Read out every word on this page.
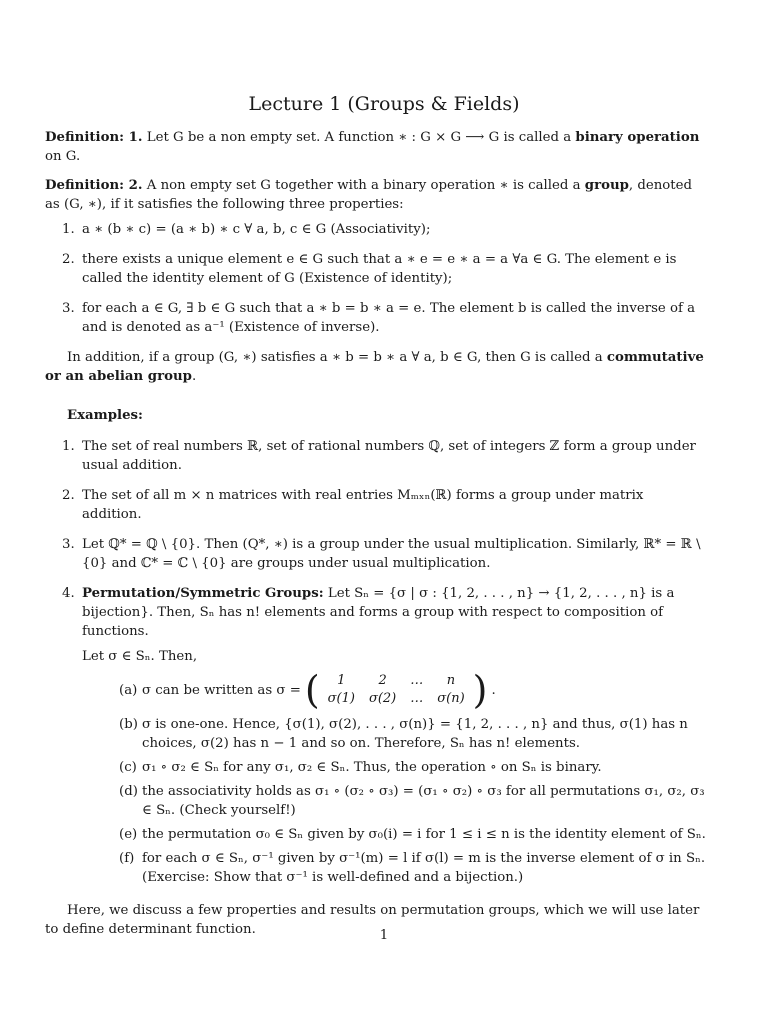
Lecture 1 (Groups & Fields)

Definition: 1. Let G be a non empty set. A function ∗ : G × G ⟶ G is called a binary operation on G.

Definition: 2. A non empty set G together with a binary operation ∗ is called a group, denoted as (G, ∗), if it satisfies the following three properties:

1. a ∗ (b ∗ c) = (a ∗ b) ∗ c ∀ a, b, c ∈ G (Associativity);
2. there exists a unique element e ∈ G such that a ∗ e = e ∗ a = a ∀a ∈ G. The element e is called the identity element of G (Existence of identity);
3. for each a ∈ G, ∃ b ∈ G such that a ∗ b = b ∗ a = e. The element b is called the inverse of a and is denoted as a⁻¹ (Existence of inverse).

In addition, if a group (G, ∗) satisfies a ∗ b = b ∗ a ∀ a, b ∈ G, then G is called a commutative or an abelian group.

Examples:

1. The set of real numbers ℝ, set of rational numbers ℚ, set of integers ℤ form a group under usual addition.
2. The set of all m × n matrices with real entries Mₘₓₙ(ℝ) forms a group under matrix addition.
3. Let ℚ* = ℚ \ {0}. Then (Q*, ∗) is a group under the usual multiplication. Similarly, ℝ* = ℝ \ {0} and ℂ* = ℂ \ {0} are groups under usual multiplication.
4. Permutation/Symmetric Groups: Let Sₙ = {σ | σ : {1, 2, . . . , n} → {1, 2, . . . , n} is a bijection}. Then, Sₙ has n! elements and forms a group with respect to composition of functions.

Let σ ∈ Sₙ. Then,

(a) σ can be written as σ = ( 1	2	…	n
σ(1)	σ(2)	…	σ(n) ) .
(b) σ is one-one. Hence, {σ(1), σ(2), . . . , σ(n)} = {1, 2, . . . , n} and thus, σ(1) has n choices, σ(2) has n − 1 and so on. Therefore, Sₙ has n! elements.
(c) σ₁ ∘ σ₂ ∈ Sₙ for any σ₁, σ₂ ∈ Sₙ. Thus, the operation ∘ on Sₙ is binary.
(d) the associativity holds as σ₁ ∘ (σ₂ ∘ σ₃) = (σ₁ ∘ σ₂) ∘ σ₃ for all permutations σ₁, σ₂, σ₃ ∈ Sₙ. (Check yourself!)
(e) the permutation σ₀ ∈ Sₙ given by σ₀(i) = i for 1 ≤ i ≤ n is the identity element of Sₙ.
(f) for each σ ∈ Sₙ, σ⁻¹ given by σ⁻¹(m) = l if σ(l) = m is the inverse element of σ in Sₙ. (Exercise: Show that σ⁻¹ is well-defined and a bijection.)

Here, we discuss a few properties and results on permutation groups, which we will use later to define determinant function.	1
